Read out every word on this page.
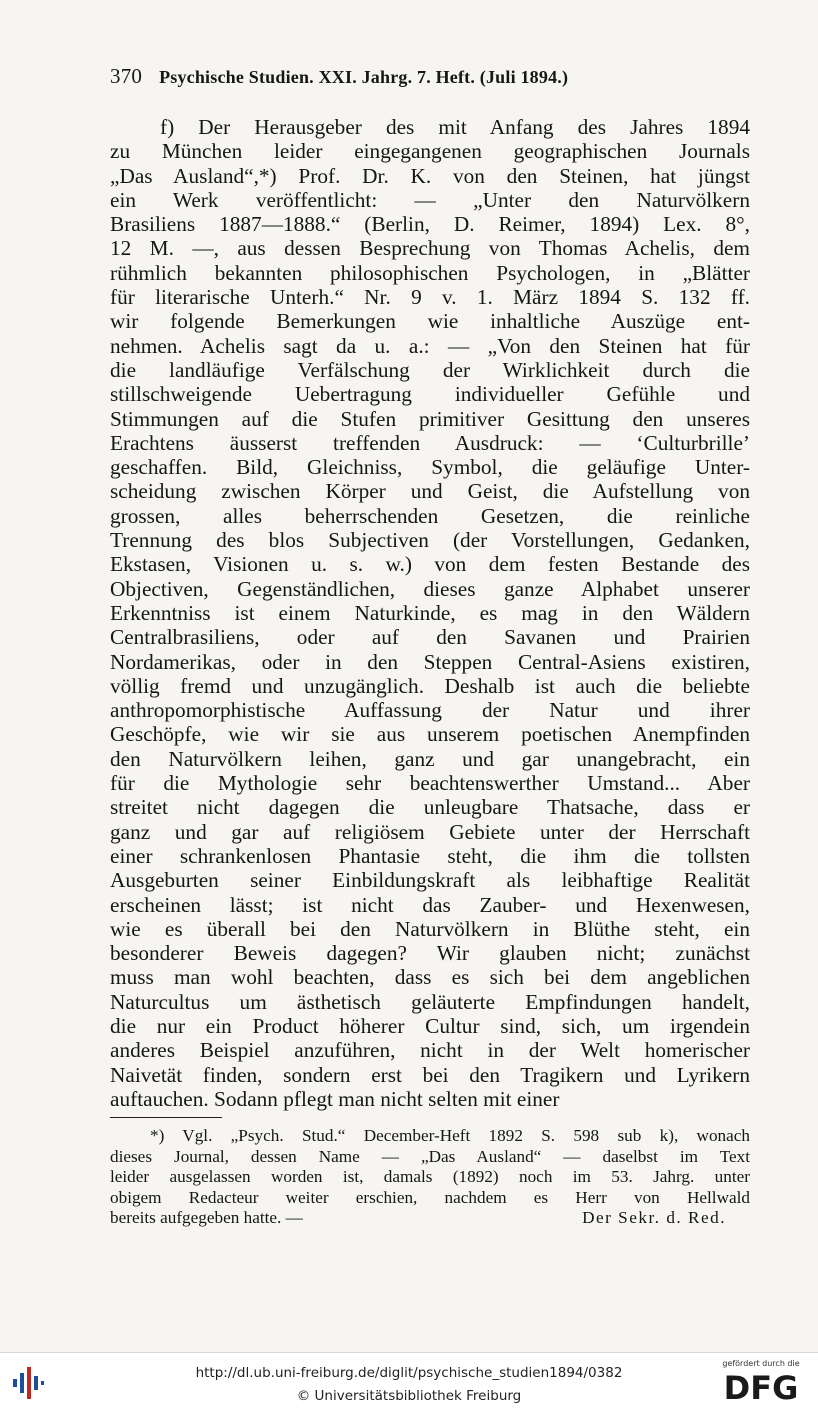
370 Psychische Studien. XXI. Jahrg. 7. Heft. (Juli 1894.)
f) Der Herausgeber des mit Anfang des Jahres 1894
zu München leider eingegangenen geographischen Journals
„Das Ausland“,*) Prof. Dr. K. von den Steinen, hat jüngst
ein Werk veröffentlicht: — „Unter den Naturvölkern
Brasiliens 1887—1888.“ (Berlin, D. Reimer, 1894) Lex. 8°,
12 M. —, aus dessen Besprechung von Thomas Achelis, dem
rühmlich bekannten philosophischen Psychologen, in „Blätter
für literarische Unterh.“ Nr. 9 v. 1. März 1894 S. 132 ff.
wir folgende Bemerkungen wie inhaltliche Auszüge ent-
nehmen. Achelis sagt da u. a.: — „Von den Steinen hat für
die landläufige Verfälschung der Wirklichkeit durch die
stillschweigende Uebertragung individueller Gefühle und
Stimmungen auf die Stufen primitiver Gesittung den unseres
Erachtens äusserst treffenden Ausdruck: — ‘Culturbrille’
geschaffen. Bild, Gleichniss, Symbol, die geläufige Unter-
scheidung zwischen Körper und Geist, die Aufstellung von
grossen, alles beherrschenden Gesetzen, die reinliche
Trennung des blos Subjectiven (der Vorstellungen, Gedanken,
Ekstasen, Visionen u. s. w.) von dem festen Bestande des
Objectiven, Gegenständlichen, dieses ganze Alphabet unserer
Erkenntniss ist einem Naturkinde, es mag in den Wäldern
Centralbrasiliens, oder auf den Savanen und Prairien
Nordamerikas, oder in den Steppen Central-Asiens existiren,
völlig fremd und unzugänglich. Deshalb ist auch die beliebte
anthropomorphistische Auffassung der Natur und ihrer
Geschöpfe, wie wir sie aus unserem poetischen Anempfinden
den Naturvölkern leihen, ganz und gar unangebracht, ein
für die Mythologie sehr beachtenswerther Umstand... Aber
streitet nicht dagegen die unleugbare Thatsache, dass er
ganz und gar auf religiösem Gebiete unter der Herrschaft
einer schrankenlosen Phantasie steht, die ihm die tollsten
Ausgeburten seiner Einbildungskraft als leibhaftige Realität
erscheinen lässt; ist nicht das Zauber- und Hexenwesen,
wie es überall bei den Naturvölkern in Blüthe steht, ein
besonderer Beweis dagegen? Wir glauben nicht; zunächst
muss man wohl beachten, dass es sich bei dem angeblichen
Naturcultus um ästhetisch geläuterte Empfindungen handelt,
die nur ein Product höherer Cultur sind, sich, um irgendein
anderes Beispiel anzuführen, nicht in der Welt homerischer
Naivetät finden, sondern erst bei den Tragikern und Lyrikern
auftauchen. Sodann pflegt man nicht selten mit einer
*) Vgl. „Psych. Stud.“ December-Heft 1892 S. 598 sub k), wonach
dieses Journal, dessen Name — „Das Ausland“ — daselbst im Text
leider ausgelassen worden ist, damals (1892) noch im 53. Jahrg. unter
obigem Redacteur weiter erschien, nachdem es Herr von Hellwald
bereits aufgegeben hatte. —	Der Sekr. d. Red.
http://dl.ub.uni-freiburg.de/diglit/psychische_studien1894/0382
© Universitätsbibliothek Freiburg
gefördert durch die
DFG
